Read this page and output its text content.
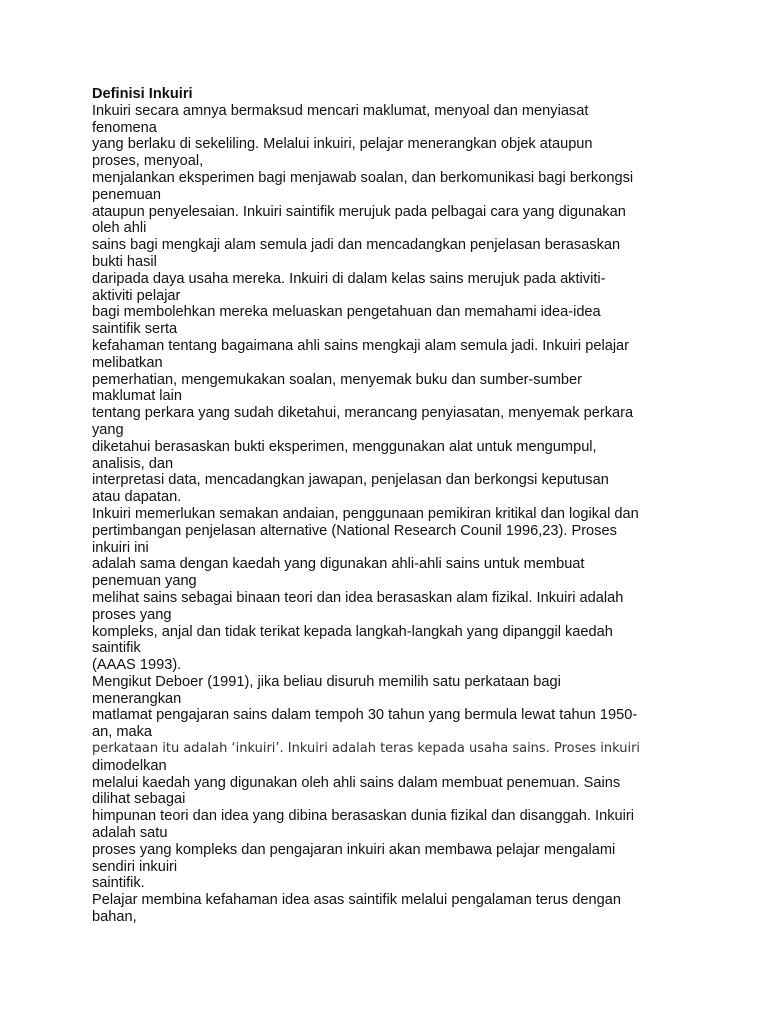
Definisi Inkuiri
Inkuiri secara amnya bermaksud mencari maklumat, menyoal dan menyiasat
fenomena
yang berlaku di sekeliling. Melalui inkuiri, pelajar menerangkan objek ataupun
proses, menyoal,
menjalankan eksperimen bagi menjawab soalan, dan berkomunikasi bagi berkongsi
penemuan
ataupun penyelesaian. Inkuiri saintifik merujuk pada pelbagai cara yang digunakan
oleh ahli
sains bagi mengkaji alam semula jadi dan mencadangkan penjelasan berasaskan
bukti hasil
daripada daya usaha mereka. Inkuiri di dalam kelas sains merujuk pada aktiviti-
aktiviti pelajar
bagi membolehkan mereka meluaskan pengetahuan dan memahami idea-idea
saintifik serta
kefahaman tentang bagaimana ahli sains mengkaji alam semula jadi. Inkuiri pelajar
melibatkan
pemerhatian, mengemukakan soalan, menyemak buku dan sumber-sumber
maklumat lain
tentang perkara yang sudah diketahui, merancang penyiasatan, menyemak perkara
yang
diketahui berasaskan bukti eksperimen, menggunakan alat untuk mengumpul,
analisis, dan
interpretasi data, mencadangkan jawapan, penjelasan dan berkongsi keputusan
atau dapatan.
Inkuiri memerlukan semakan andaian, penggunaan pemikiran kritikal dan logikal dan
pertimbangan penjelasan alternative (National Research Counil 1996,23). Proses
inkuiri ini
adalah sama dengan kaedah yang digunakan ahli-ahli sains untuk membuat
penemuan yang
melihat sains sebagai binaan teori dan idea berasaskan alam fizikal. Inkuiri adalah
proses yang
kompleks, anjal dan tidak terikat kepada langkah-langkah yang dipanggil kaedah
saintifik
(AAAS 1993).
Mengikut Deboer (1991), jika beliau disuruh memilih satu perkataan bagi
menerangkan
matlamat pengajaran sains dalam tempoh 30 tahun yang bermula lewat tahun 1950-
an, maka
perkataan itu adalah ‘inkuiri’. Inkuiri adalah teras kepada usaha sains. Proses inkuiri
dimodelkan
melalui kaedah yang digunakan oleh ahli sains dalam membuat penemuan. Sains
dilihat sebagai
himpunan teori dan idea yang dibina berasaskan dunia fizikal dan disanggah. Inkuiri
adalah satu
proses yang kompleks dan pengajaran inkuiri akan membawa pelajar mengalami
sendiri inkuiri
saintifik.
Pelajar membina kefahaman idea asas saintifik melalui pengalaman terus dengan
bahan,
